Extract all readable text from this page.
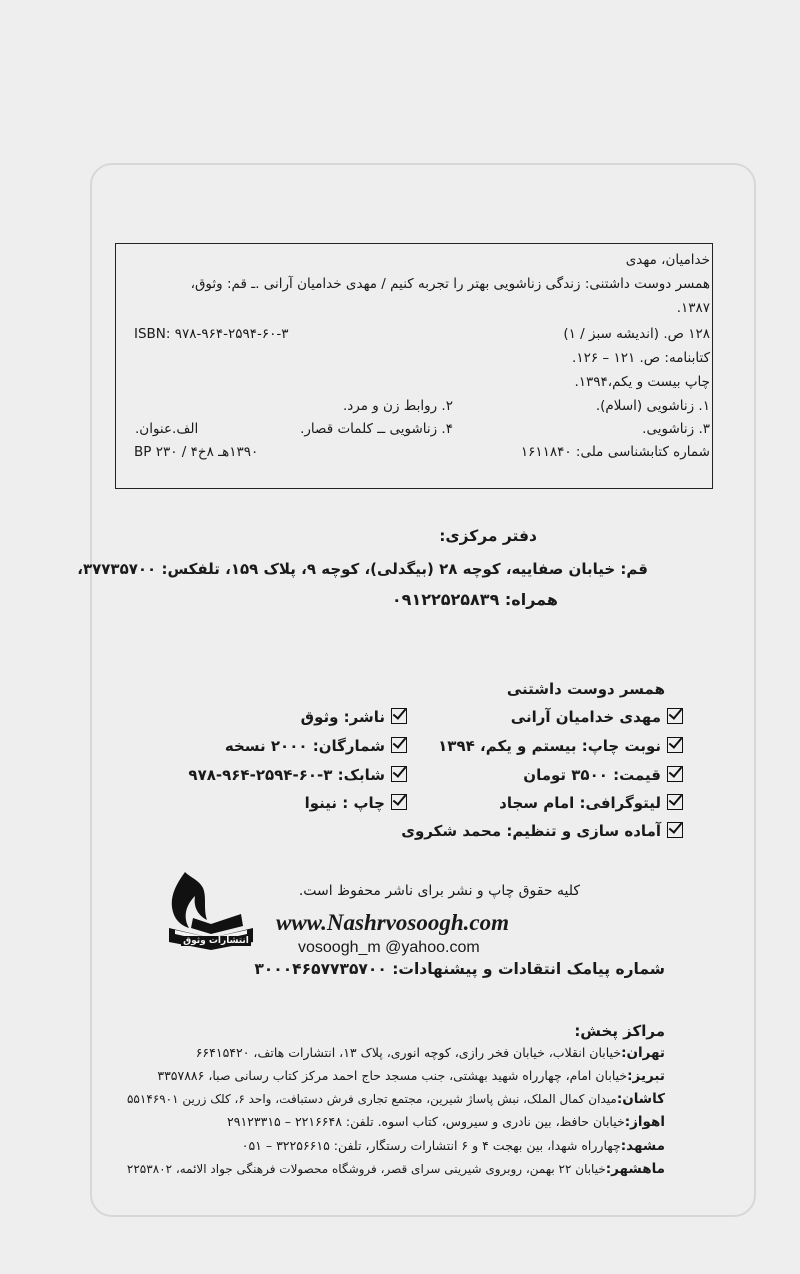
خدامیان، مهدی
همسر دوست داشتنی: زندگی زناشویی بهتر را تجربه کنیم / مهدی خدامیان آرانی .ـ قم: وثوق،
۱۳۸۷.
۱۲۸ ص. (اندیشه سبز / ۱)
ISBN: ۹۷۸-۹۶۴-۲۵۹۴-۶۰-۳
کتابنامه: ص. ۱۲۱ – ۱۲۶.
چاپ بیست و یکم،۱۳۹۴.
۱. زناشویی (اسلام).
۲. روابط زن و مرد.
۳. زناشویی.
۴. زناشویی ــ کلمات قصار.
الف.عنوان.
شماره کتابشناسی ملی: ۱۶۱۱۸۴۰
۱۳۹۰هـ ۸خ۴ / BP ۲۳۰
دفتر مرکزی:
قم: خیابان صفاییه، کوچه ۲۸ (بیگدلی)، کوچه ۹، پلاک ۱۵۹، تلفکس: ۳۷۷۳۵۷۰۰،
همراه: ۰۹۱۲۲۵۲۵۸۳۹
همسر دوست داشتنی
مهدی خدامیان آرانی
نوبت چاپ: بیستم و یکم، ۱۳۹۴
قیمت: ۳۵۰۰ تومان
لیتوگرافی: امام سجاد
آماده سازی و تنظیم: محمد شکروی
ناشر: وثوق
شمارگان: ۲۰۰۰ نسخه
شابک: ۳-۶۰-۲۵۹۴-۹۶۴-۹۷۸
چاپ : نینوا
انتشارات وثوق
کلیه حقوق چاپ و نشر برای ناشر محفوظ است.
www.Nashrvosoogh.com
vosoogh_m @yahoo.com
شماره پیامک انتقادات و پیشنهادات: ۳۰۰۰۴۶۵۷۷۳۵۷۰۰
مراکز پخش:
تهران:خیابان انقلاب، خیابان فخر رازی، کوچه انوری، پلاک ۱۳، انتشارات هاتف، ۶۶۴۱۵۴۲۰
تبریز:خیابان امام، چهارراه شهید بهشتی، جنب مسجد حاج احمد مرکز کتاب رسانی صبا، ۳۳۵۷۸۸۶
کاشان:میدان کمال الملک، نبش پاساژ شیرین، مجتمع تجاری فرش دستبافت، واحد ۶، کلک زرین ۵۵۱۴۶۹۰۱
اهواز:خیابان حافظ، بین نادری و سیروس، کتاب اسوه. تلفن: ۲۲۱۶۶۴۸ – ۲۹۱۲۳۳۱۵
مشهد:چهارراه شهدا، بین بهجت ۴ و ۶ انتشارات رستگار، تلفن: ۳۲۲۵۶۶۱۵ – ۰۵۱
ماهشهر:خیابان ۲۲ بهمن، روبروی شیرینی سرای قصر، فروشگاه محصولات فرهنگی جواد الائمه، ۲۲۵۳۸۰۲
